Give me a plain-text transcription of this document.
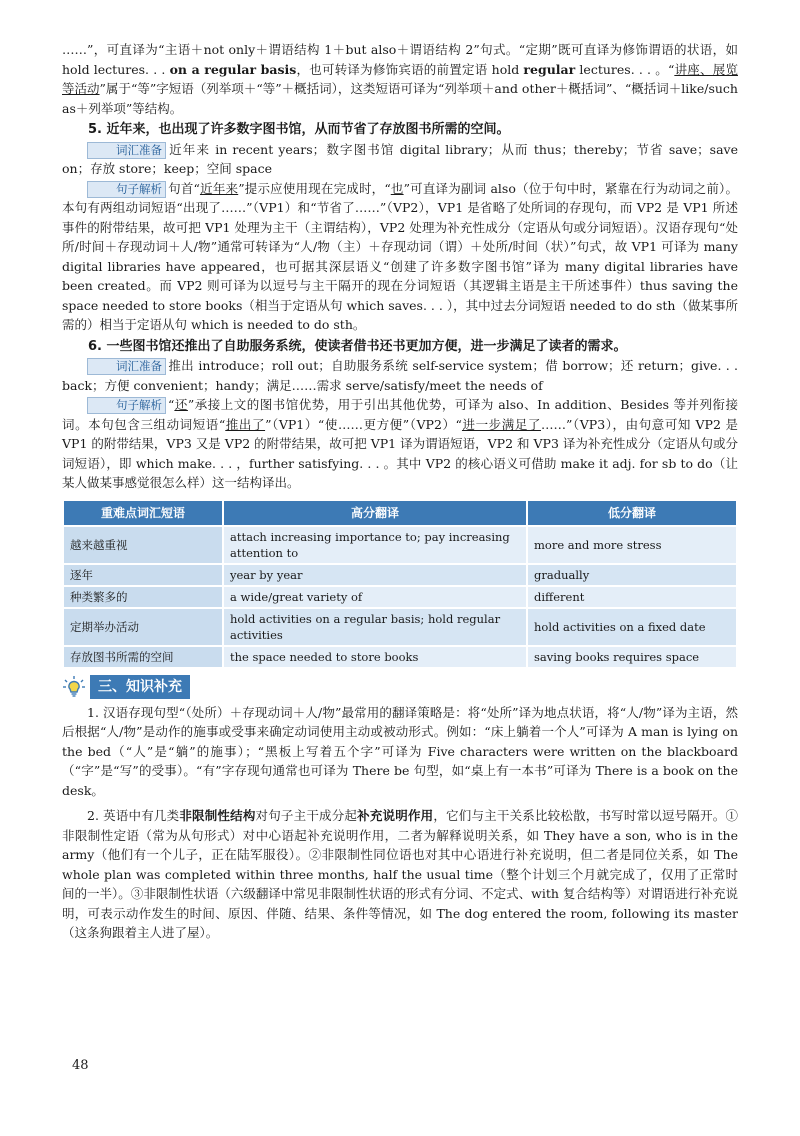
……”，可直译为“主语＋not only＋谓语结构 1＋but also＋谓语结构 2”句式。“定期”既可直译为修饰谓语的状语，如 hold lectures. . . on a regular basis，也可转译为修饰宾语的前置定语 hold regular lectures. . . 。“讲座、展览等活动”属于“等”字短语（列举项＋“等”＋概括词），这类短语可译为“列举项＋and other＋概括词”、“概括词＋like/such as＋列举项”等结构。

5. 近年来，也出现了许多数字图书馆，从而节省了存放图书所需的空间。

词汇准备 近年来 in recent years；数字图书馆 digital library；从而 thus；thereby；节省 save；save on；存放 store；keep；空间 space

句子解析 句首“近年来”提示应使用现在完成时，“也”可直译为副词 also（位于句中时，紧靠在行为动词之前）。本句有两组动词短语“出现了……”（VP1）和“节省了……”（VP2），VP1 是省略了处所词的存现句，而 VP2 是 VP1 所述事件的附带结果，故可把 VP1 处理为主干（主谓结构），VP2 处理为补充性成分（定语从句或分词短语）。汉语存现句“处所/时间＋存现动词＋人/物”通常可转译为“人/物（主）＋存现动词（谓）＋处所/时间（状）”句式，故 VP1 可译为 many digital libraries have appeared，也可据其深层语义“创建了许多数字图书馆”译为 many digital libraries have been created。而 VP2 则可译为以逗号与主干隔开的现在分词短语（其逻辑主语是主干所述事件）thus saving the space needed to store books（相当于定语从句 which saves. . . ），其中过去分词短语 needed to do sth（做某事所需的）相当于定语从句 which is needed to do sth。

6. 一些图书馆还推出了自助服务系统，使读者借书还书更加方便，进一步满足了读者的需求。

词汇准备 推出 introduce；roll out；自助服务系统 self-service system；借 borrow；还 return；give. . . back；方便 convenient；handy；满足……需求 serve/satisfy/meet the needs of

句子解析 “还”承接上文的图书馆优势，用于引出其他优势，可译为 also、In addition、Besides 等并列衔接词。本句包含三组动词短语“推出了”（VP1）“使……更方便”（VP2）“进一步满足了……”（VP3），由句意可知 VP2 是 VP1 的附带结果，VP3 又是 VP2 的附带结果，故可把 VP1 译为谓语短语，VP2 和 VP3 译为补充性成分（定语从句或分词短语），即 which make. . . ，further satisfying. . . 。其中 VP2 的核心语义可借助 make it adj. for sb to do（让某人做某事感觉很怎么样）这一结构译出。

重难点词汇短语	高分翻译	低分翻译
越来越重视	attach increasing importance to; pay increasing attention to	more and more stress
逐年	year by year	gradually
种类繁多的	a wide/great variety of	different
定期举办活动	hold activities on a regular basis; hold regular activities	hold activities on a fixed date
存放图书所需的空间	the space needed to store books	saving books requires space
三、知识补充

1. 汉语存现句型“（处所）＋存现动词＋人/物”最常用的翻译策略是：将“处所”译为地点状语，将“人/物”译为主语，然后根据“人/物”是动作的施事或受事来确定动词使用主动或被动形式。例如：“床上躺着一个人”可译为 A man is lying on the bed（“人”是“躺”的施事）；“黑板上写着五个字”可译为 Five characters were written on the blackboard（“字”是“写”的受事）。“有”字存现句通常也可译为 There be 句型，如“桌上有一本书”可译为 There is a book on the desk。

2. 英语中有几类非限制性结构对句子主干成分起补充说明作用，它们与主干关系比较松散，书写时常以逗号隔开。①非限制性定语（常为从句形式）对中心语起补充说明作用，二者为解释说明关系，如 They have a son, who is in the army（他们有一个儿子，正在陆军服役）。②非限制性同位语也对其中心语进行补充说明，但二者是同位关系，如 The whole plan was completed within three months, half the usual time（整个计划三个月就完成了，仅用了正常时间的一半）。③非限制性状语（六级翻译中常见非限制性状语的形式有分词、不定式、with 复合结构等）对谓语进行补充说明，可表示动作发生的时间、原因、伴随、结果、条件等情况，如 The dog entered the room, following its master（这条狗跟着主人进了屋）。

48
